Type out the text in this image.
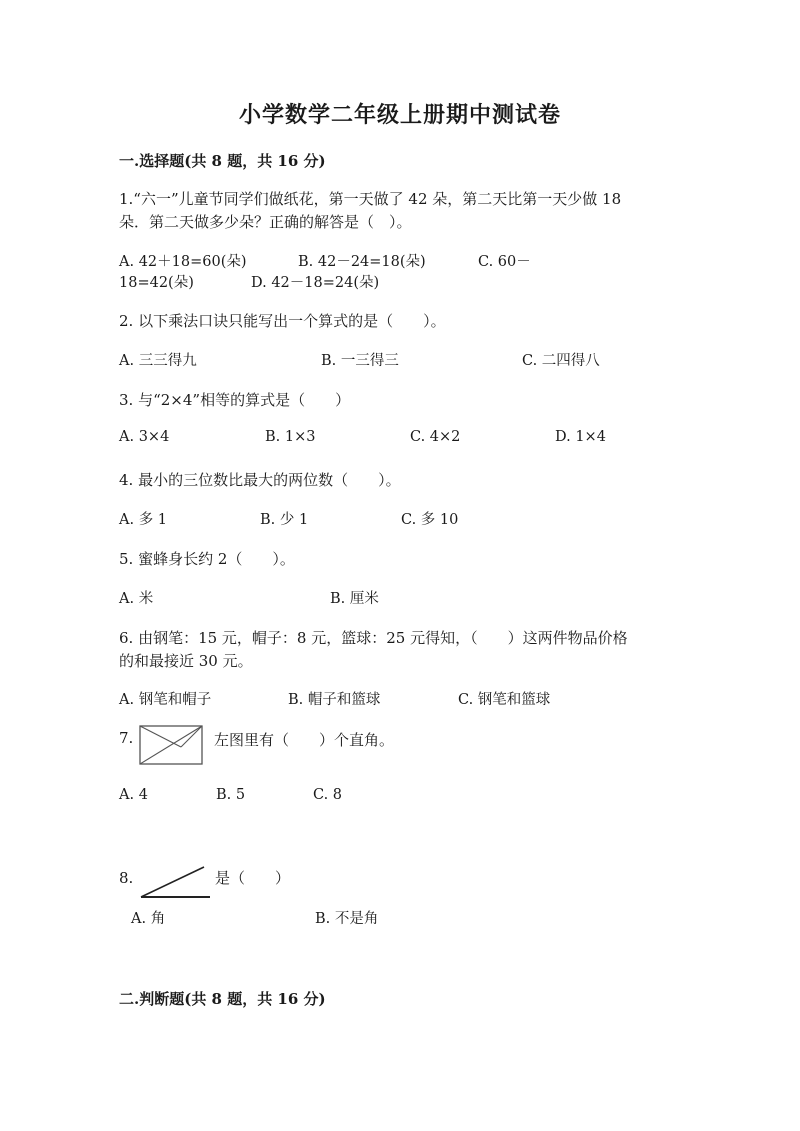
小学数学二年级上册期中测试卷
一.选择题(共 8 题，共 16 分)
1.“六一”儿童节同学们做纸花，第一天做了 42 朵，第二天比第一天少做 18
朵．第二天做多少朵？正确的解答是（　）。
A. 42＋18=60(朵)	B. 42－24=18(朵)	C. 60－
18=42(朵)	D. 42－18=24(朵)
2. 以下乘法口诀只能写出一个算式的是（　　）。
A. 三三得九	B. 一三得三	C. 二四得八
3. 与“2×4”相等的算式是（　　）
A. 3×4	B. 1×3	C. 4×2	D. 1×4
4. 最小的三位数比最大的两位数（　　）。
A. 多 1	B. 少 1	C. 多 10
5. 蜜蜂身长约 2（　　）。
A. 米	B. 厘米
6. 由钢笔：15 元，帽子：8 元，篮球：25 元得知，（　　）这两件物品价格
的和最接近 30 元。
A. 钢笔和帽子	B. 帽子和篮球	C. 钢笔和篮球
7.	左图里有（　　）个直角。
A. 4	B. 5	C. 8
8.	是（　　）
A. 角	B. 不是角
二.判断题(共 8 题，共 16 分)
